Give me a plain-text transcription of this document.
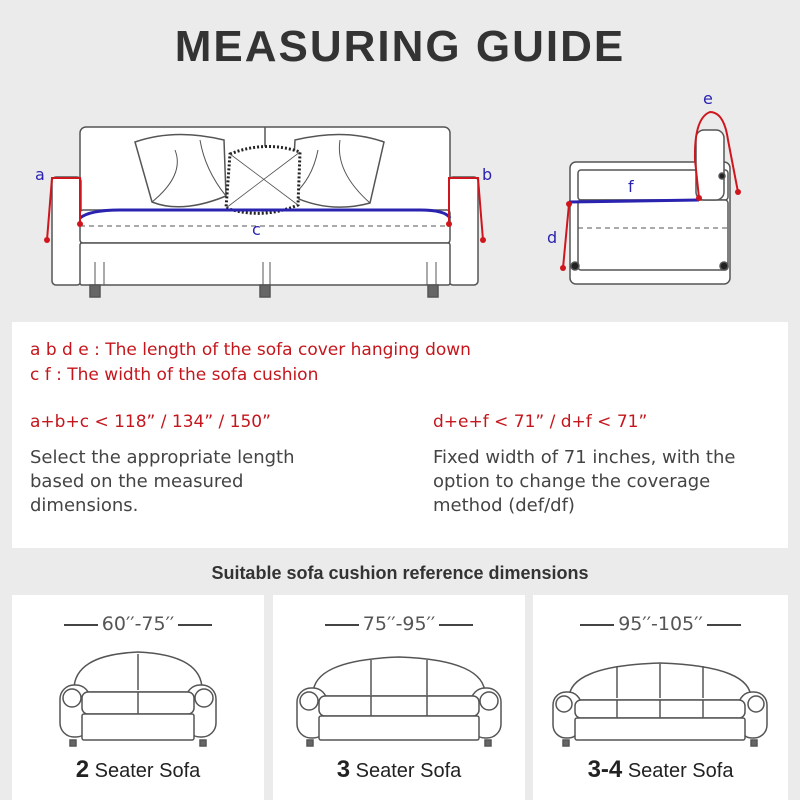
MEASURING GUIDE
a	b
c
e
f
d
a b d e : The length of the sofa cover hanging down
c f : The width of the sofa cushion
a+b+c < 118” / 134” / 150”	d+e+f < 71” / d+f < 71”
Select the appropriate length based on the measured dimensions.
Fixed width of 71 inches, with the option to change the coverage method (def/df)
Suitable sofa cushion reference dimensions
60′′-75′′
2 Seater Sofa
75′′-95′′
3 Seater Sofa
95′′-105′′
3-4 Seater Sofa
